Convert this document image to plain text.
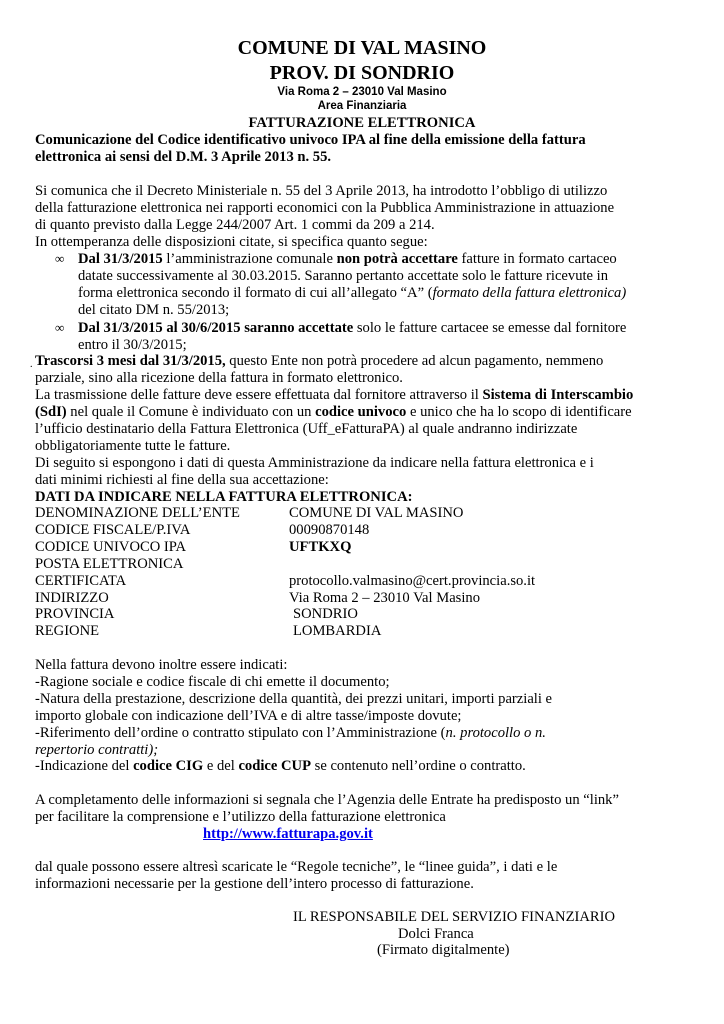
COMUNE DI VAL MASINO
PROV. DI SONDRIO
Via Roma 2 – 23010 Val Masino
Area Finanziaria
FATTURAZIONE ELETTRONICA
Comunicazione del Codice identificativo univoco IPA al fine della emissione della fattura
elettronica ai sensi del D.M. 3 Aprile 2013 n. 55.
Si comunica che il Decreto Ministeriale n. 55 del 3 Aprile 2013, ha introdotto l’obbligo di utilizzo
della fatturazione elettronica nei rapporti economici con la Pubblica Amministrazione in attuazione
di quanto previsto dalla Legge 244/2007 Art. 1 commi da 209 a 214.
In ottemperanza delle disposizioni citate, si specifica quanto segue:
∞ Dal 31/3/2015 l’amministrazione comunale non potrà accettare fatture in formato cartaceo
datate successivamente al 30.03.2015. Saranno pertanto accettate solo le fatture ricevute in
forma elettronica secondo il formato di cui all’allegato “A” (formato della fattura elettronica)
del citato DM n. 55/2013;
∞ Dal 31/3/2015 al 30/6/2015 saranno accettate solo le fatture cartacee se emesse dal fornitore
entro il 30/3/2015;
. Trascorsi 3 mesi dal 31/3/2015, questo Ente non potrà procedere ad alcun pagamento, nemmeno
parziale, sino alla ricezione della fattura in formato elettronico.
La trasmissione delle fatture deve essere effettuata dal fornitore attraverso il Sistema di Interscambio
(SdI) nel quale il Comune è individuato con un codice univoco e unico che ha lo scopo di identificare
l’ufficio destinatario della Fattura Elettronica (Uff_eFatturaPA) al quale andranno indirizzate
obbligatoriamente tutte le fatture.
Di seguito si espongono i dati di questa Amministrazione da indicare nella fattura elettronica e i
dati minimi richiesti al fine della sua accettazione:
DATI DA INDICARE NELLA FATTURA ELETTRONICA:
DENOMINAZIONE DELL’ENTE	COMUNE DI VAL MASINO
CODICE FISCALE/P.IVA	00090870148
CODICE UNIVOCO IPA	UFTKXQ
POSTA ELETTRONICA
CERTIFICATA	protocollo.valmasino@cert.provincia.so.it
INDIRIZZO	Via Roma 2 – 23010 Val Masino
PROVINCIA	SONDRIO
REGIONE	LOMBARDIA
Nella fattura devono inoltre essere indicati:
-Ragione sociale e codice fiscale di chi emette il documento;
-Natura della prestazione, descrizione della quantità, dei prezzi unitari, importi parziali e
importo globale con indicazione dell’IVA e di altre tasse/imposte dovute;
-Riferimento dell’ordine o contratto stipulato con l’Amministrazione (n. protocollo o n.
repertorio contratti);
-Indicazione del codice CIG e del codice CUP se contenuto nell’ordine o contratto.
A completamento delle informazioni si segnala che l’Agenzia delle Entrate ha predisposto un “link”
per facilitare la comprensione e l’utilizzo della fatturazione elettronica
http://www.fatturapa.gov.it
dal quale possono essere altresì scaricate le “Regole tecniche”, le “linee guida”, i dati e le
informazioni necessarie per la gestione dell’intero processo di fatturazione.
IL RESPONSABILE DEL SERVIZIO FINANZIARIO
Dolci Franca
(Firmato digitalmente)
